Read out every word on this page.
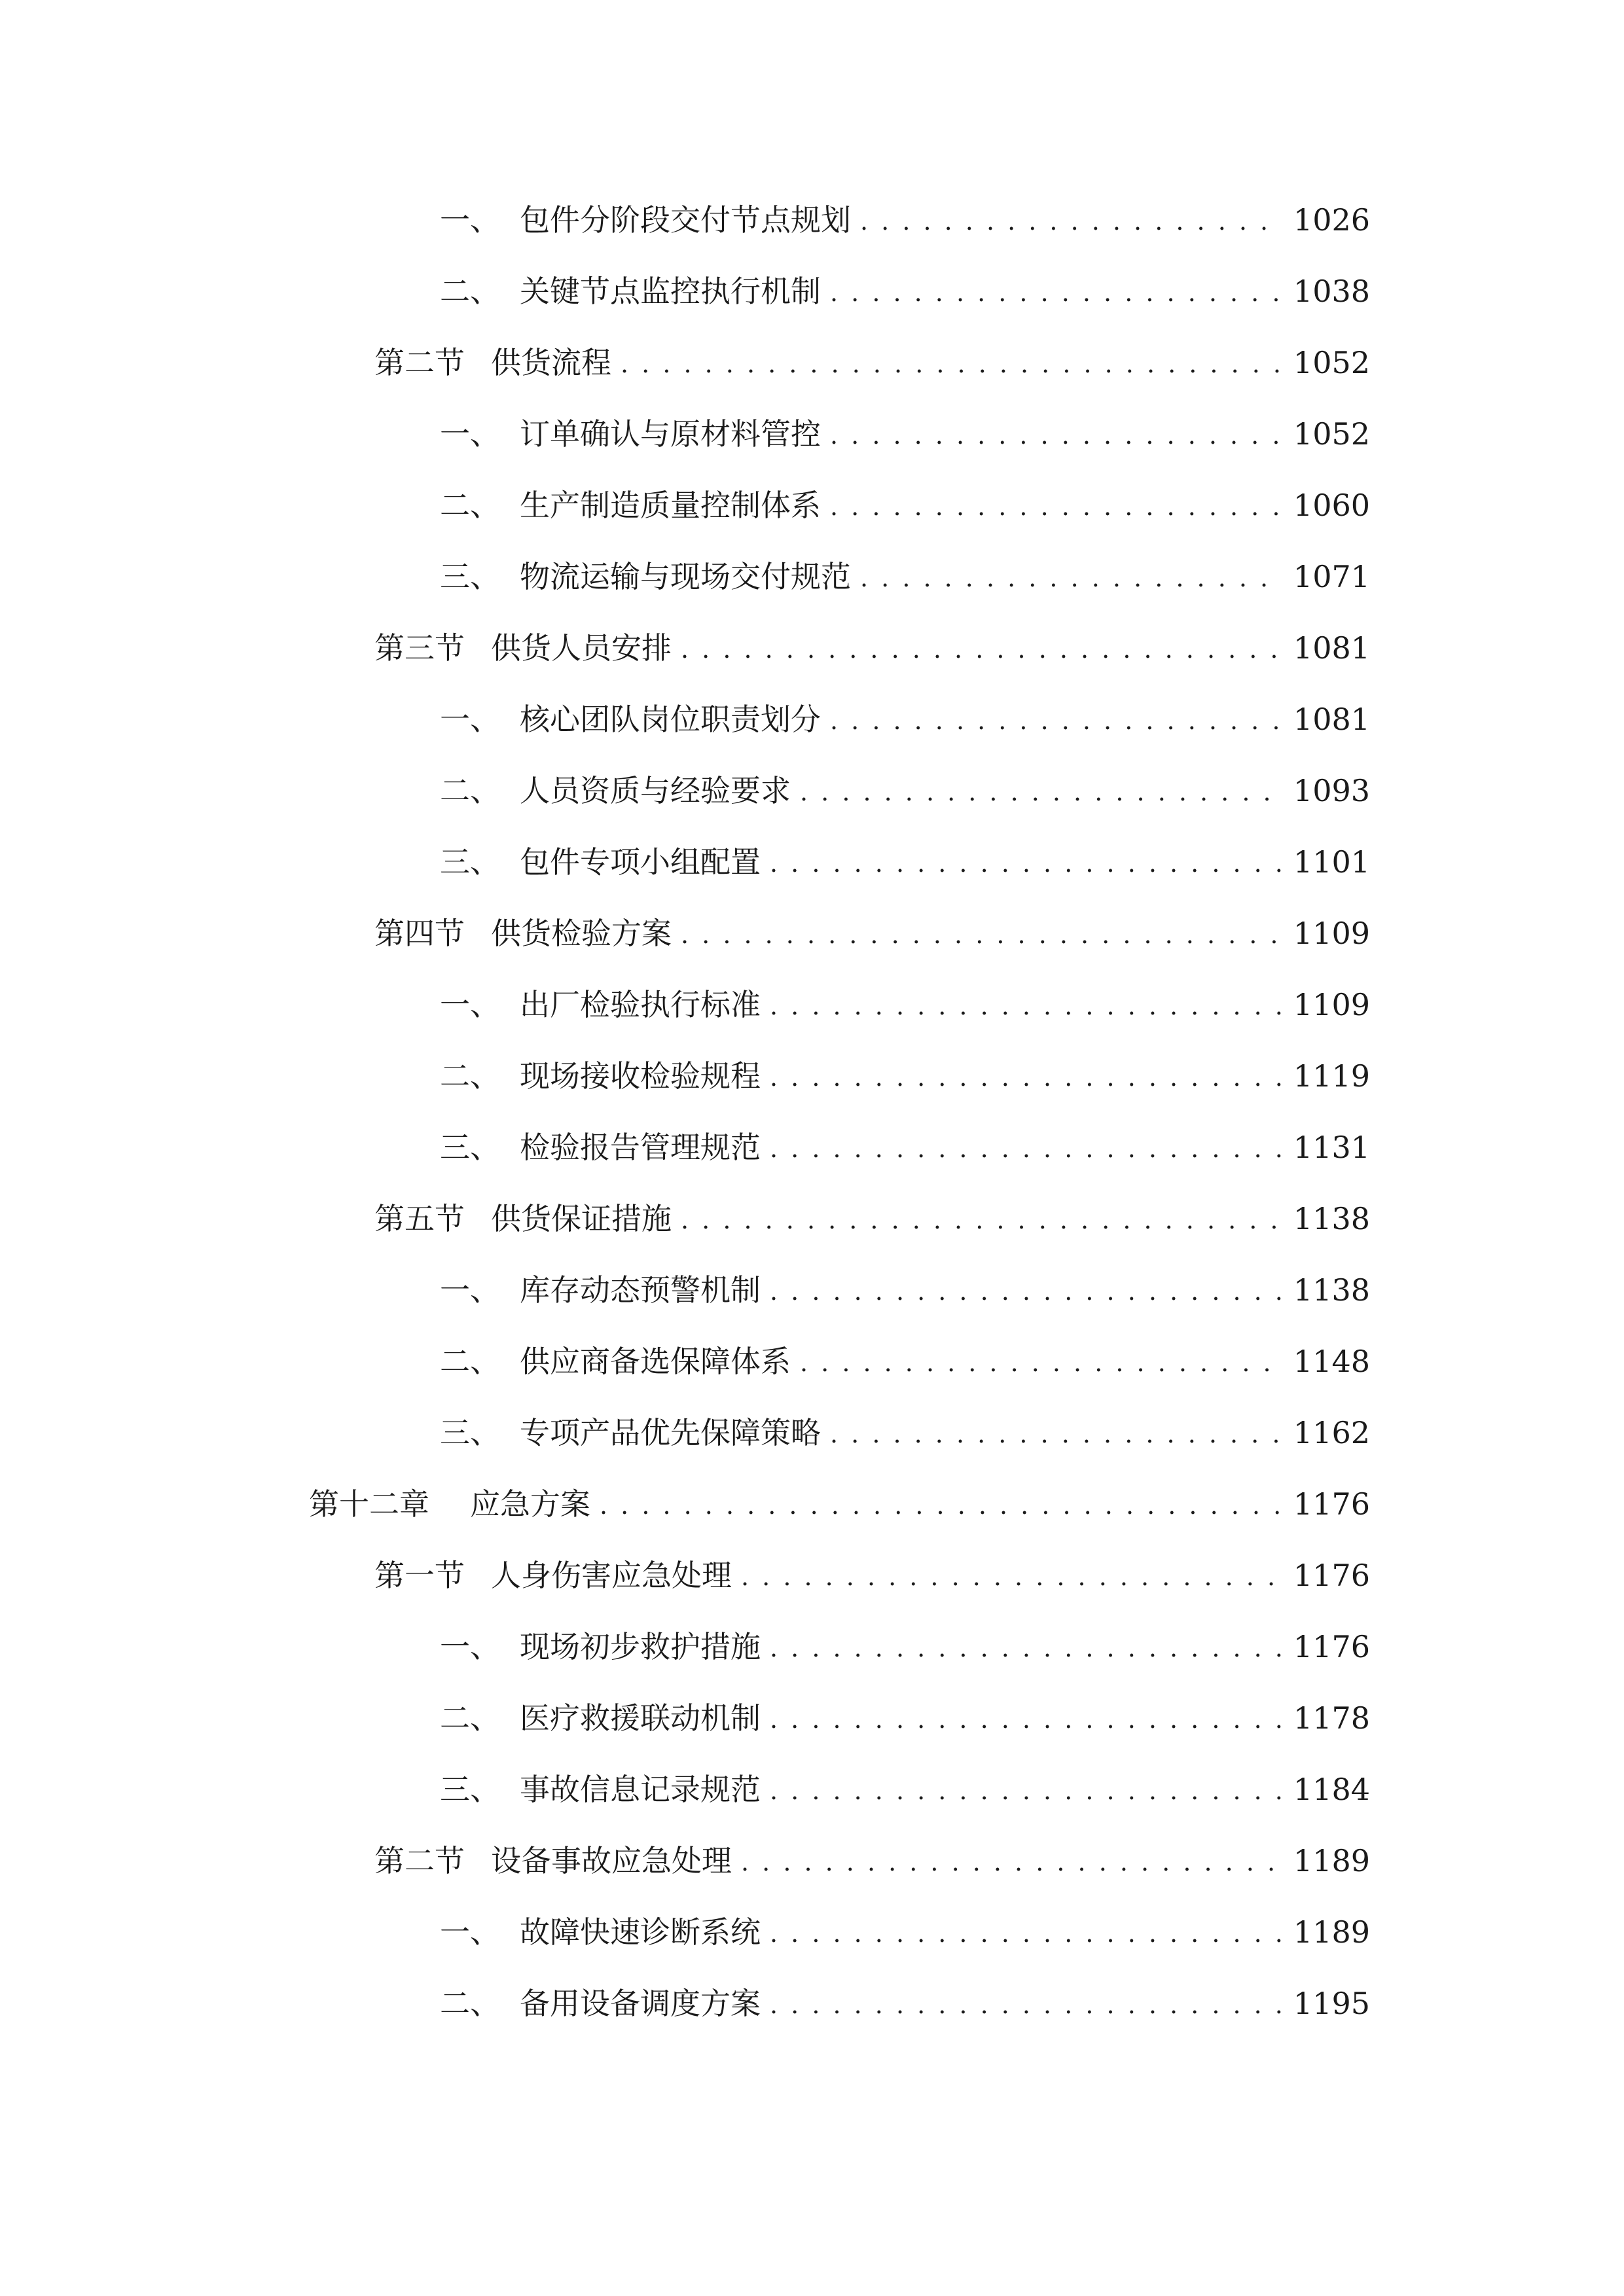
一、 包件分阶段交付节点规划 . . .	1026
二、 关键节点监控执行机制 . . .	1038
第二节 供货流程 . . .	1052
一、 订单确认与原材料管控 . . .	1052
二、 生产制造质量控制体系 . . .	1060
三、 物流运输与现场交付规范 . . .	1071
第三节 供货人员安排 . . .	1081
一、 核心团队岗位职责划分 . . .	1081
二、 人员资质与经验要求 . . .	1093
三、 包件专项小组配置 . . .	1101
第四节 供货检验方案 . . .	1109
一、 出厂检验执行标准 . . .	1109
二、 现场接收检验规程 . . .	1119
三、 检验报告管理规范 . . .	1131
第五节 供货保证措施 . . .	1138
一、 库存动态预警机制 . . .	1138
二、 供应商备选保障体系 . . .	1148
三、 专项产品优先保障策略 . . .	1162
第十二章	应急方案 . . .	1176
第一节 人身伤害应急处理 . . .	1176
一、 现场初步救护措施 . . .	1176
二、 医疗救援联动机制 . . .	1178
三、 事故信息记录规范 . . .	1184
第二节 设备事故应急处理 . . .	1189
一、 故障快速诊断系统 . . .	1189
二、 备用设备调度方案 . . .	1195
